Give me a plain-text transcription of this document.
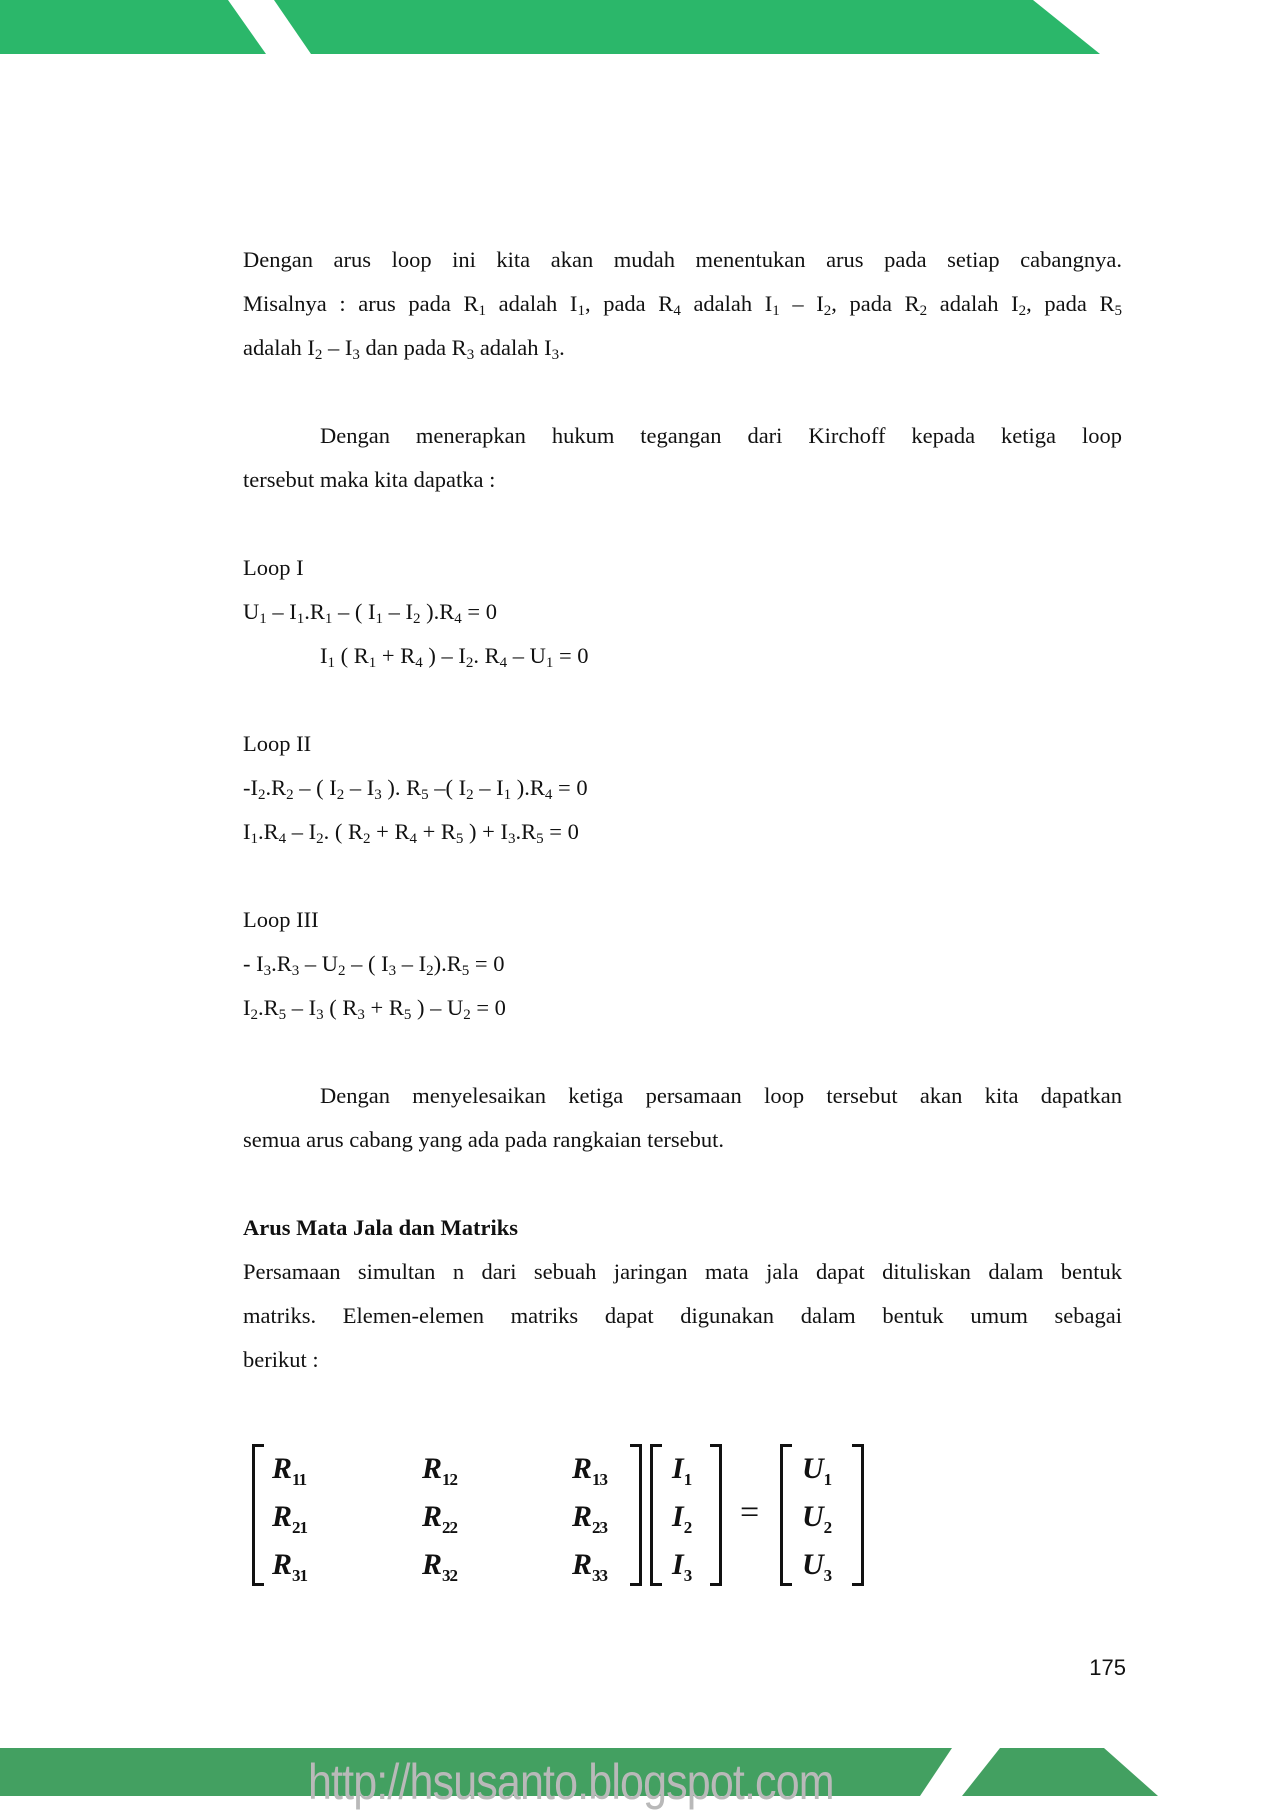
Dengan arus loop ini kita akan mudah menentukan arus pada setiap cabangnya.
Misalnya : arus pada $R_1$ adalah $I_1$, pada $R_4$ adalah $I_1 - I_2$, pada $R_2$ adalah $I_2$, pada $R_5$
adalah $I_2 - I_3$ dan pada $R_3$ adalah $I_3$.
Dengan menerapkan hukum tegangan dari Kirchoff kepada ketiga loop
tersebut maka kita dapatka :
Loop I
$U_1 - I_1.R_1$ – ( $I_1 - I_2$ )$.R_4 = 0$
$I_1$ ( $R_1 + R_4$ ) – $I_2$. $R_4 - U_1 = 0$
Loop II
$-I_2.R_2$ – ( $I_2 - I_3$ ). $R_5$ –( $I_2 - I_1$ )$.R_4 = 0$
$I_1.R_4 - I_2$. ( $R_2 + R_4 + R_5$ ) + $I_3.R_5 = 0$
Loop III
- $I_3.R_3 - U_2$ – ( $I_3 - I_2).R_5 = 0$
$I_2.R_5 - I_3$ ( $R_3 + R_5$ ) – $U_2 = 0$
Dengan menyelesaikan ketiga persamaan loop tersebut akan kita dapatkan
semua arus cabang yang ada pada rangkaian tersebut.
Arus Mata Jala dan Matriks
Persamaan simultan n dari sebuah jaringan mata jala dapat dituliskan dalam bentuk
matriks. Elemen-elemen matriks dapat digunakan dalam bentuk umum sebagai
berikut :
$R_{11}$	$R_{12}$	$R_{13}$
$R_{21}$	$R_{22}$	$R_{23}$
$R_{31}$	$R_{32}$	$R_{33}$
$I_1$
$I_2$
$I_3$
=
$U_1$
$U_2$
$U_3$
175
http://hsusanto.blogspot.com
